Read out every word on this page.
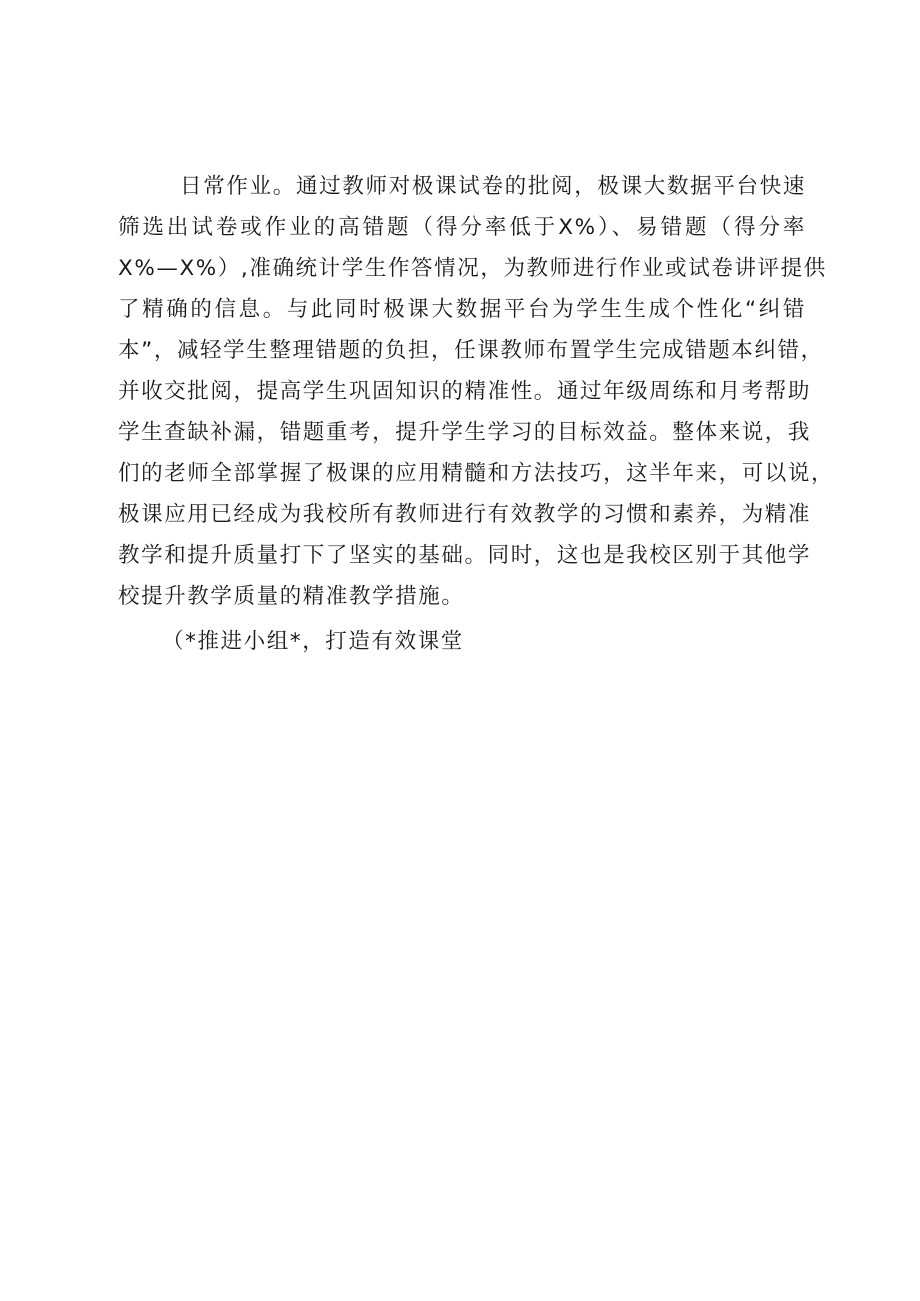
日常作业。通过教师对极课试卷的批阅，极课大数据平台快速
筛选出试卷或作业的高错题（得分率低于X%）、易错题（得分率
X%—X%）,准确统计学生作答情况，为教师进行作业或试卷讲评提供
了精确的信息。与此同时极课大数据平台为学生生成个性化“纠错
本”，减轻学生整理错题的负担，任课教师布置学生完成错题本纠错，
并收交批阅，提高学生巩固知识的精准性。通过年级周练和月考帮助
学生查缺补漏，错题重考，提升学生学习的目标效益。整体来说，我
们的老师全部掌握了极课的应用精髓和方法技巧，这半年来，可以说，
极课应用已经成为我校所有教师进行有效教学的习惯和素养，为精准
教学和提升质量打下了坚实的基础。同时，这也是我校区别于其他学
校提升教学质量的精准教学措施。
（*推进小组*，打造有效课堂
